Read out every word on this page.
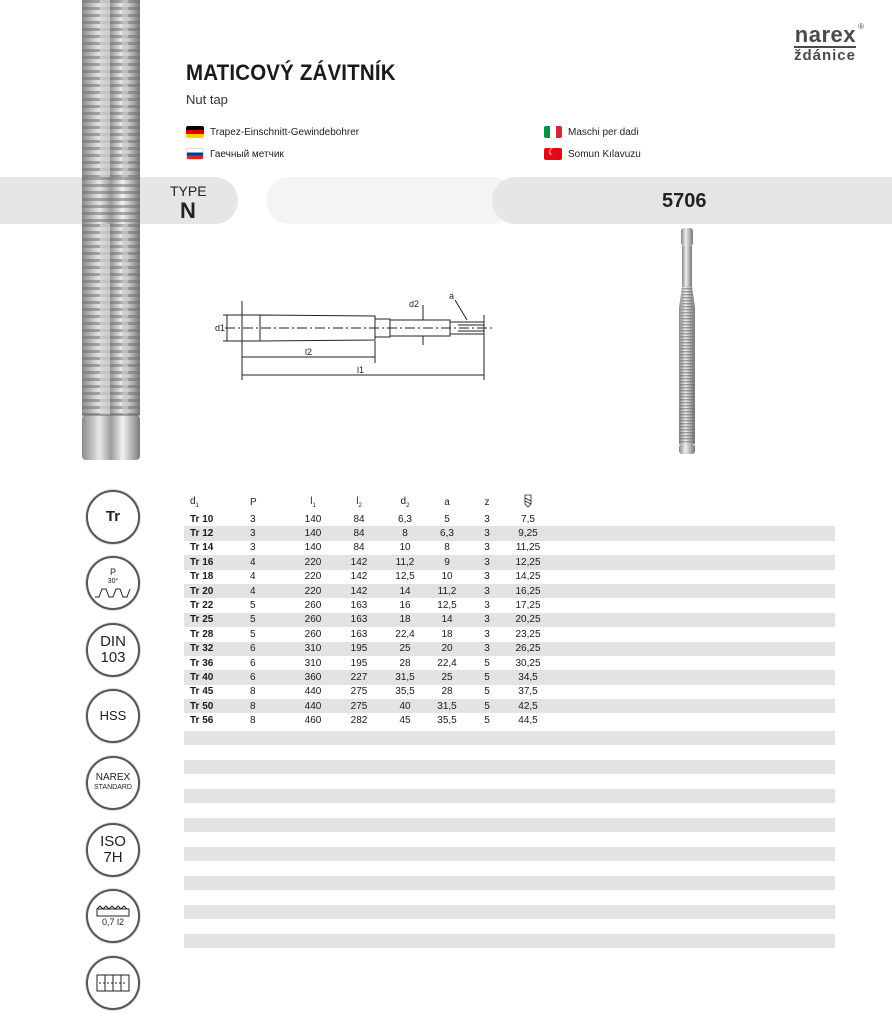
®
narex
ždánice
MATICOVÝ ZÁVITNÍK
Nut tap
Trapez-Einschnitt-Gewindebohrer
Гаечный метчик
Maschi per dadi
☾
Somun Kılavuzu
TYPE
N	5706
d1
l2
l1
d2
a
Tr
P
30°
DIN
103
HSS
NAREX
STANDARD
ISO
7H
0,7 l2
$d_1$	P	$l_1$	$l_2$	$d_2$	a	z
Tr 10	3	140	84	6,3	5	3	7,5
Tr 12	3	140	84	8	6,3	3	9,25
Tr 14	3	140	84	10	8	3	11,25
Tr 16	4	220	142	11,2	9	3	12,25
Tr 18	4	220	142	12,5	10	3	14,25
Tr 20	4	220	142	14	11,2	3	16,25
Tr 22	5	260	163	16	12,5	3	17,25
Tr 25	5	260	163	18	14	3	20,25
Tr 28	5	260	163	22,4	18	3	23,25
Tr 32	6	310	195	25	20	3	26,25
Tr 36	6	310	195	28	22,4	5	30,25
Tr 40	6	360	227	31,5	25	5	34,5
Tr 45	8	440	275	35,5	28	5	37,5
Tr 50	8	440	275	40	31,5	5	42,5
Tr 56	8	460	282	45	35,5	5	44,5
